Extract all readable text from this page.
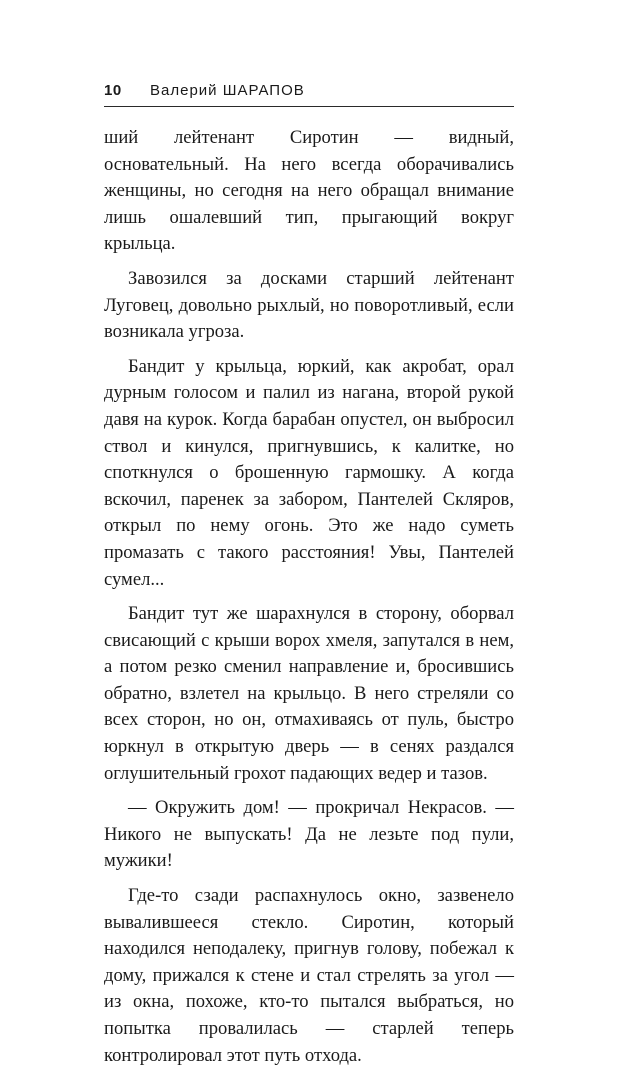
10 Валерий ШАРАПОВ

ший лейтенант Сиротин — видный, основательный. На него всегда оборачивались женщины, но сегодня на него обращал внимание лишь ошалевший тип, прыгающий вокруг крыльца.

Завозился за досками старший лейтенант Луговец, довольно рыхлый, но поворотливый, если возникала угроза.

Бандит у крыльца, юркий, как акробат, орал дурным голосом и палил из нагана, второй рукой давя на курок. Когда барабан опустел, он выбросил ствол и кинулся, пригнувшись, к калитке, но споткнулся о брошенную гармошку. А когда вскочил, паренек за забором, Пантелей Скляров, открыл по нему огонь. Это же надо суметь промазать с такого расстояния! Увы, Пантелей сумел...

Бандит тут же шарахнулся в сторону, оборвал свисающий с крыши ворох хмеля, запутался в нем, а потом резко сменил направление и, бросившись обратно, взлетел на крыльцо. В него стреляли со всех сторон, но он, отмахиваясь от пуль, быстро юркнул в открытую дверь — в сенях раздался оглушительный грохот падающих ведер и тазов.

— Окружить дом! — прокричал Некрасов. — Никого не выпускать! Да не лезьте под пули, мужики!

Где-то сзади распахнулось окно, зазвенело вывалившееся стекло. Сиротин, который находился неподалеку, пригнув голову, побежал к дому, прижался к стене и стал стрелять за угол — из окна, похоже, кто-то пытался выбраться, но попытка провалилась — старлей теперь контролировал этот путь отхода.
